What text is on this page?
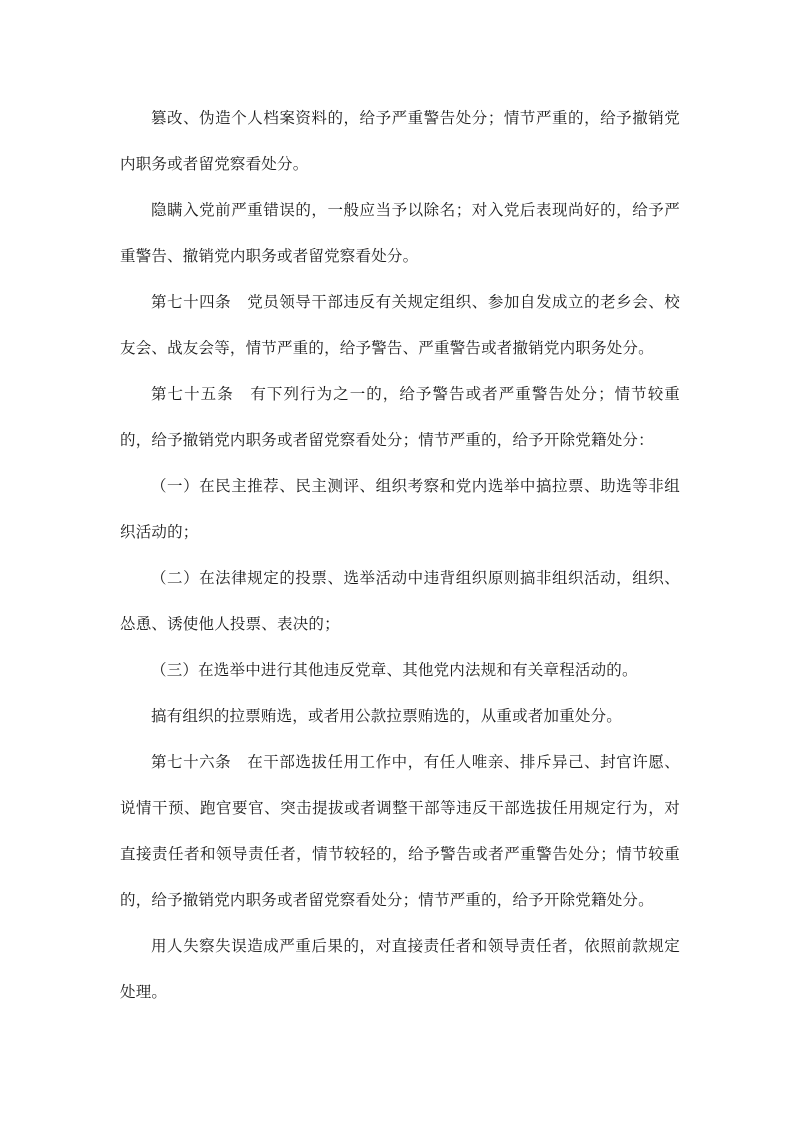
篡改、伪造个人档案资料的，给予严重警告处分；情节严重的，给予撤销党内职务或者留党察看处分。

隐瞒入党前严重错误的，一般应当予以除名；对入党后表现尚好的，给予严重警告、撤销党内职务或者留党察看处分。

第七十四条　党员领导干部违反有关规定组织、参加自发成立的老乡会、校友会、战友会等，情节严重的，给予警告、严重警告或者撤销党内职务处分。

第七十五条　有下列行为之一的，给予警告或者严重警告处分；情节较重的，给予撤销党内职务或者留党察看处分；情节严重的，给予开除党籍处分：

（一）在民主推荐、民主测评、组织考察和党内选举中搞拉票、助选等非组织活动的；

（二）在法律规定的投票、选举活动中违背组织原则搞非组织活动，组织、怂恿、诱使他人投票、表决的；

（三）在选举中进行其他违反党章、其他党内法规和有关章程活动的。

搞有组织的拉票贿选，或者用公款拉票贿选的，从重或者加重处分。

第七十六条　在干部选拔任用工作中，有任人唯亲、排斥异己、封官许愿、说情干预、跑官要官、突击提拔或者调整干部等违反干部选拔任用规定行为，对直接责任者和领导责任者，情节较轻的，给予警告或者严重警告处分；情节较重的，给予撤销党内职务或者留党察看处分；情节严重的，给予开除党籍处分。

用人失察失误造成严重后果的，对直接责任者和领导责任者，依照前款规定处理。
